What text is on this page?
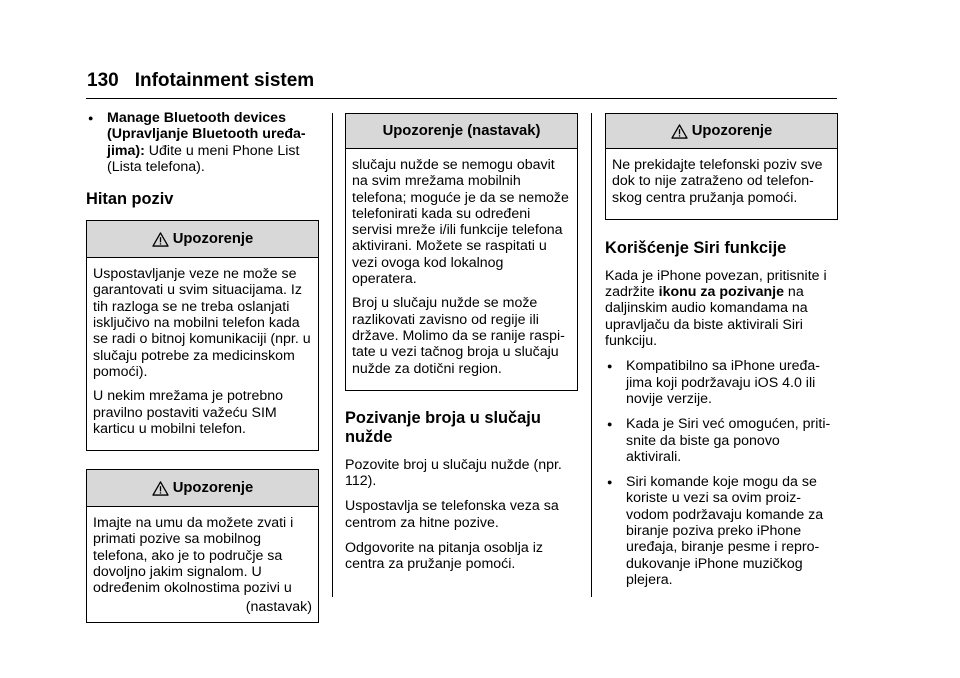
130 Infotainment sistem
● Manage Bluetooth devices (Upravljanje Bluetooth uređa-jima): Uđite u meni Phone List (Lista telefona).
Hitan poziv
Upozorenje

Uspostavljanje veze ne može se garantovati u svim situacijama. Iz tih razloga se ne treba oslanjati isključivo na mobilni telefon kada se radi o bitnoj komunikaciji (npr. u slučaju potrebe za medicinskom pomoći).

U nekim mrežama je potrebno pravilno postaviti važeću SIM karticu u mobilni telefon.

Upozorenje

Imajte na umu da možete zvati i primati pozive sa mobilnog telefona, ako je to područje sa dovoljno jakim signalom. U određenim okolnostima pozivi u

(nastavak)

Upozorenje (nastavak)

slučaju nužde se nemogu obavit na svim mrežama mobilnih telefona; moguće je da se nemože telefonirati kada su određeni servisi mreže i/ili funkcije telefona aktivirani. Možete se raspitati u vezi ovoga kod lokalnog operatera.

Broj u slučaju nužde se može razlikovati zavisno od regije ili države. Molimo da se ranije raspi-tate u vezi tačnog broja u slučaju nužde za dotični region.

Pozivanje broja u slučaju nužde

Pozovite broj u slučaju nužde (npr. 112).

Uspostavlja se telefonska veza sa centrom za hitne pozive.

Odgovorite na pitanja osoblja iz centra za pružanje pomoći.

Upozorenje

Ne prekidajte telefonski poziv sve dok to nije zatraženo od telefon-skog centra pružanja pomoći.

Korišćenje Siri funkcije

Kada je iPhone povezan, pritisnite i zadržite ikonu za pozivanje na daljinskim audio komandama na upravljaču da biste aktivirali Siri funkciju.

● Kompatibilno sa iPhone uređa-jima koji podržavaju iOS 4.0 ili novije verzije.
● Kada je Siri već omogućen, priti-snite da biste ga ponovo aktivirali.
● Siri komande koje mogu da se koriste u vezi sa ovim proiz-vodom podržavaju komande za biranje poziva preko iPhone uređaja, biranje pesme i repro-dukovanje iPhone muzičkog plejera.
